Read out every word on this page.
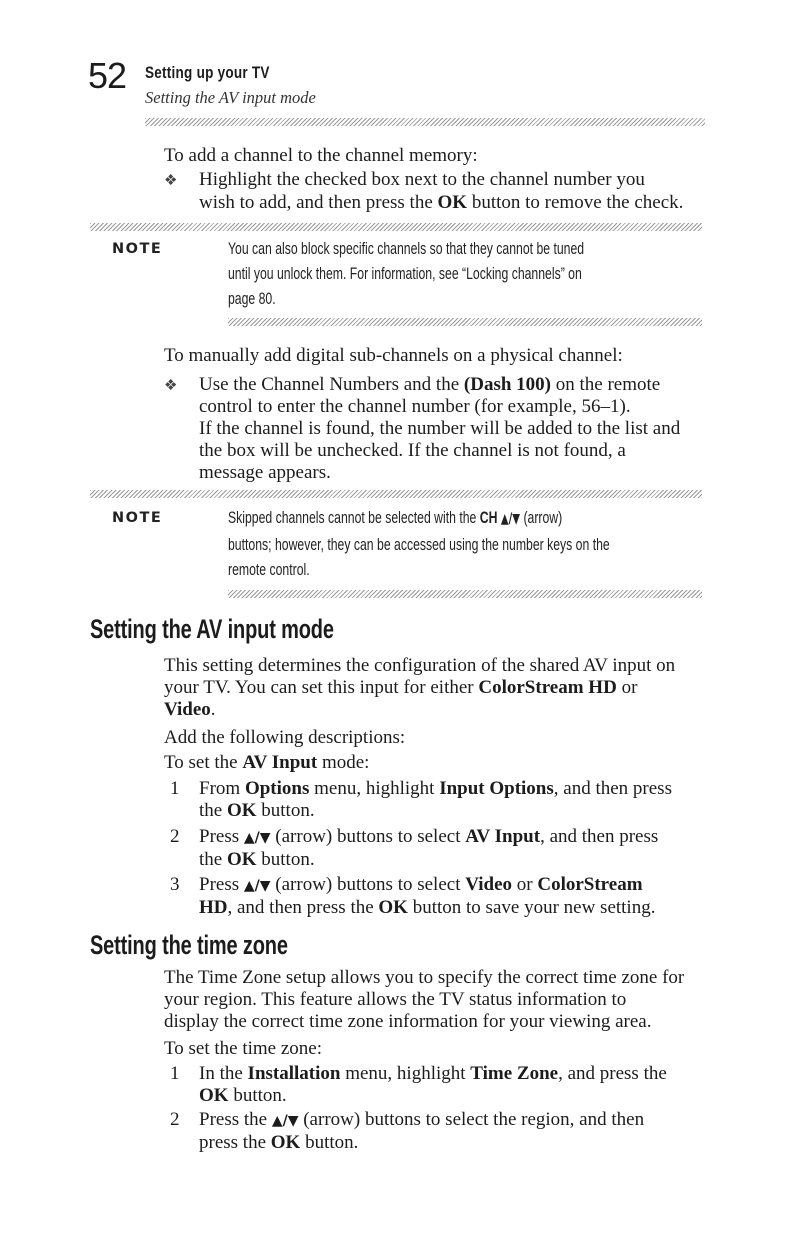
52 Setting up your TV
Setting the AV input mode
To add a channel to the channel memory:
❖ Highlight the checked box next to the channel number you
wish to add, and then press the OK button to remove the check.
NOTE	You can also block specific channels so that they cannot be tuned
until you unlock them. For information, see “Locking channels” on
page 80.
To manually add digital sub-channels on a physical channel:
❖ Use the Channel Numbers and the (Dash 100) on the remote
control to enter the channel number (for example, 56–1).
If the channel is found, the number will be added to the list and
the box will be unchecked. If the channel is not found, a
message appears.
NOTE	Skipped channels cannot be selected with the CH ▲/▼ (arrow)
buttons; however, they can be accessed using the number keys on the
remote control.
Setting the AV input mode
This setting determines the configuration of the shared AV input on
your TV. You can set this input for either ColorStream HD or
Video.
Add the following descriptions:
To set the AV Input mode:
1 From Options menu, highlight Input Options, and then press
the OK button.
2 Press ▲/▼ (arrow) buttons to select AV Input, and then press
the OK button.
3 Press ▲/▼ (arrow) buttons to select Video or ColorStream
HD, and then press the OK button to save your new setting.
Setting the time zone
The Time Zone setup allows you to specify the correct time zone for
your region. This feature allows the TV status information to
display the correct time zone information for your viewing area.
To set the time zone:
1 In the Installation menu, highlight Time Zone, and press the
OK button.
2 Press the ▲/▼ (arrow) buttons to select the region, and then
press the OK button.
